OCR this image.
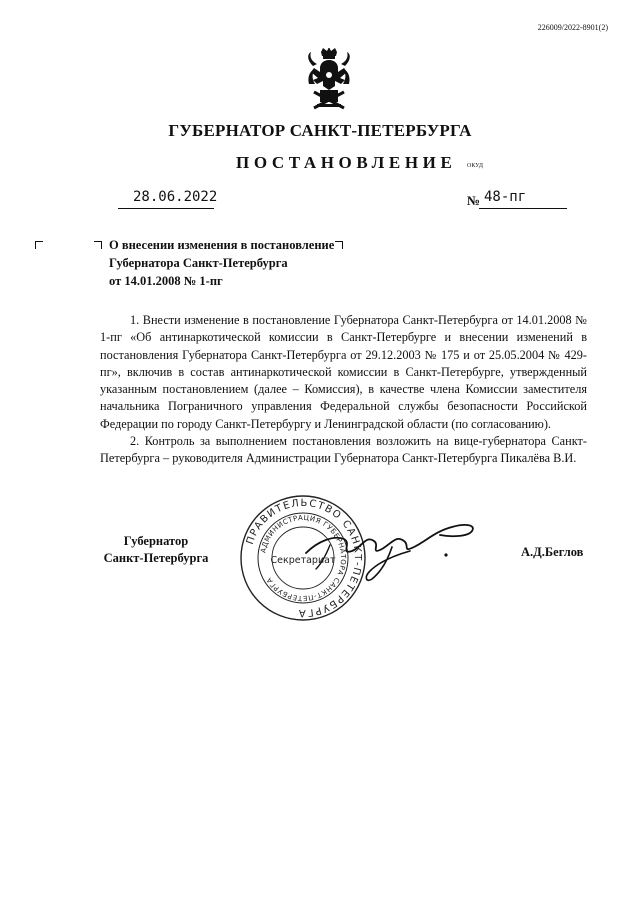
226009/2022-8901(2)
ГУБЕРНАТОР САНКТ-ПЕТЕРБУРГА
ПОСТАНОВЛЕНИЕ ОКУД
28.06.2022	№ 48-пг
О внесении изменения в постановление
Губернатора Санкт-Петербурга
от 14.01.2008 № 1-пг

1. Внести изменение в постановление Губернатора Санкт-Петербурга от 14.01.2008 № 1-пг «Об антинаркотической комиссии в Санкт-Петербурге и внесении изменений в постановления Губернатора Санкт-Петербурга от 29.12.2003 № 175 и от 25.05.2004 № 429-пг», включив в состав антинаркотической комиссии в Санкт-Петербурге, утвержденный указанным постановлением (далее – Комиссия), в качестве члена Комиссии заместителя начальника Пограничного управления Федеральной службы безопасности Российской Федерации по городу Санкт-Петербургу и Ленинградской области (по согласованию).

2. Контроль за выполнением постановления возложить на вице-губернатора Санкт-Петербурга – руководителя Администрации Губернатора Санкт-Петербурга Пикалёва В.И.

Губернатор
Санкт-Петербурга	А.Д.Беглов
ПРАВИТЕЛЬСТВО САНКТ-ПЕТЕРБУРГА
АДМИНИСТРАЦИЯ ГУБЕРНАТОРА САНКТ-ПЕТЕРБУРГА
Секретариат
